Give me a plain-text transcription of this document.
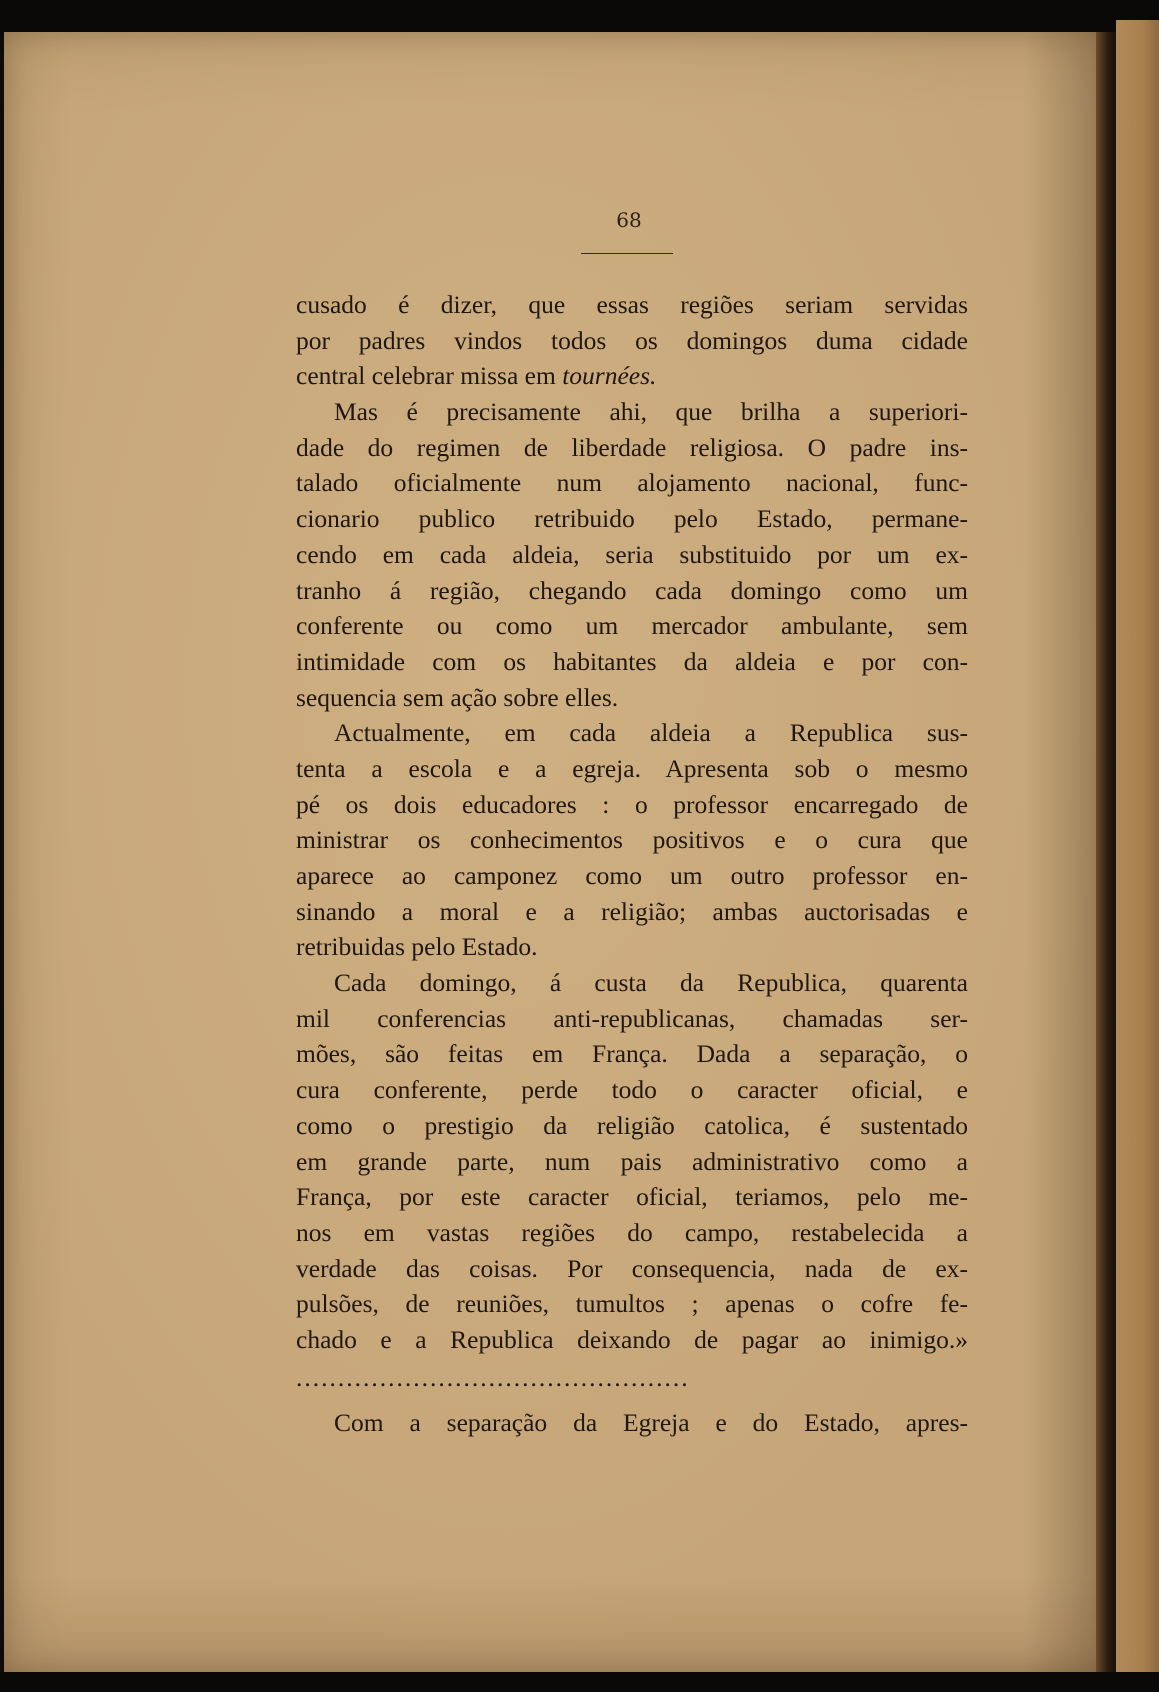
68
cusado é dizer, que essas regiões seriam servidas
por padres vindos todos os domingos duma cidade
central celebrar missa em tournées.
Mas é precisamente ahi, que brilha a superiori-
dade do regimen de liberdade religiosa. O padre ins-
talado oficialmente num alojamento nacional, func-
cionario publico retribuido pelo Estado, permane-
cendo em cada aldeia, seria substituido por um ex-
tranho á região, chegando cada domingo como um
conferente ou como um mercador ambulante, sem
intimidade com os habitantes da aldeia e por con-
sequencia sem ação sobre elles.
Actualmente, em cada aldeia a Republica sus-
tenta a escola e a egreja. Apresenta sob o mesmo
pé os dois educadores : o professor encarregado de
ministrar os conhecimentos positivos e o cura que
aparece ao camponez como um outro professor en-
sinando a moral e a religião; ambas auctorisadas e
retribuidas pelo Estado.
Cada domingo, á custa da Republica, quarenta
mil conferencias anti-republicanas, chamadas ser-
mões, são feitas em França. Dada a separação, o
cura conferente, perde todo o caracter oficial, e
como o prestigio da religião catolica, é sustentado
em grande parte, num pais administrativo como a
França, por este caracter oficial, teriamos, pelo me-
nos em vastas regiões do campo, restabelecida a
verdade das coisas. Por consequencia, nada de ex-
pulsões, de reuniões, tumultos ; apenas o cofre fe-
chado e a Republica deixando de pagar ao inimigo.»
...............................................
Com a separação da Egreja e do Estado, apres-
